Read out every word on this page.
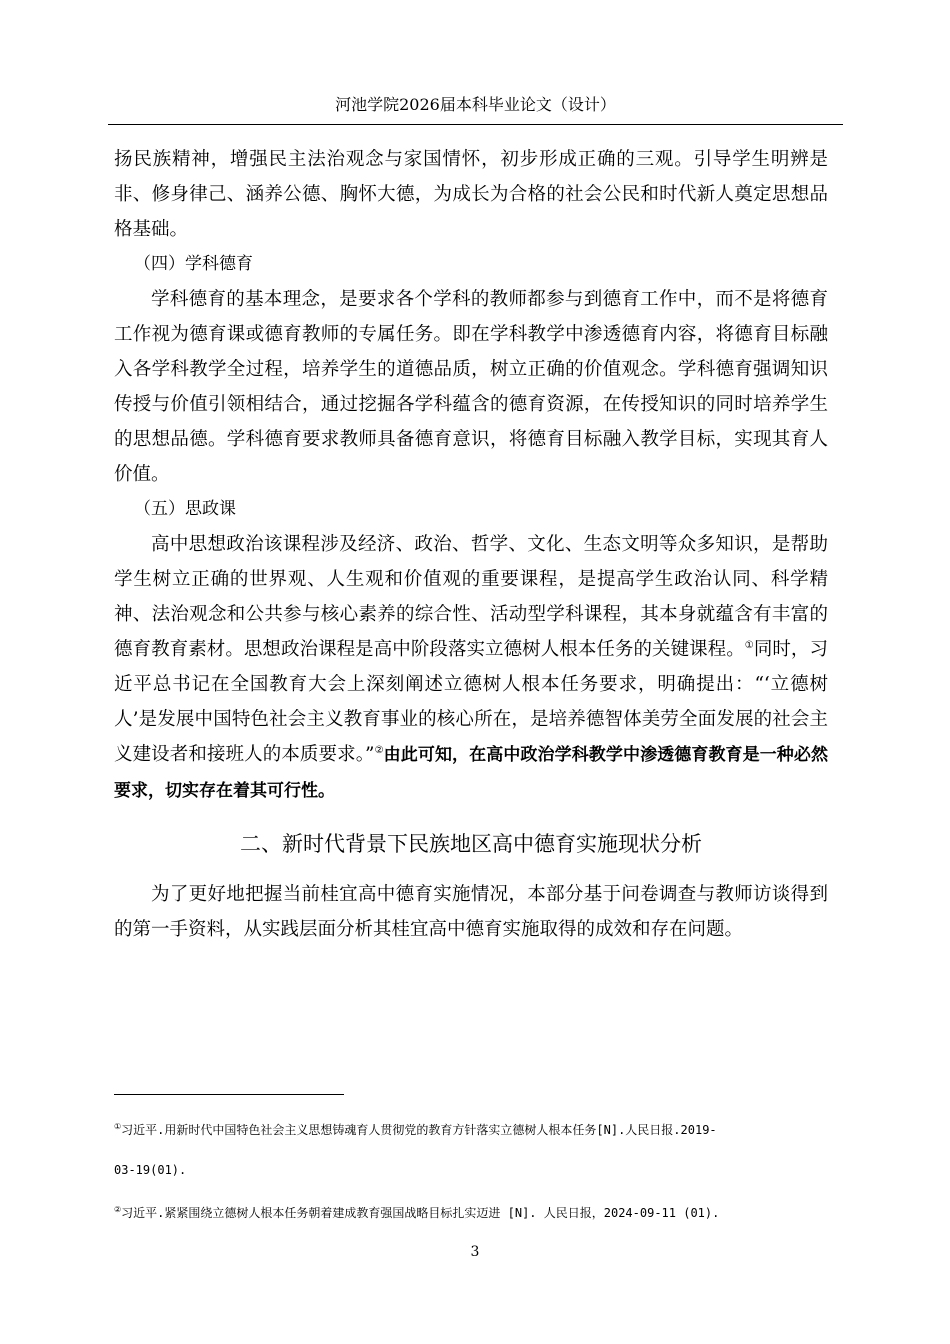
河池学院2026届本科毕业论文（设计）

扬民族精神，增强民主法治观念与家国情怀，初步形成正确的三观。引导学生明辨是非、修身律己、涵养公德、胸怀大德，为成长为合格的社会公民和时代新人奠定思想品格基础。

（四）学科德育

学科德育的基本理念，是要求各个学科的教师都参与到德育工作中，而不是将德育工作视为德育课或德育教师的专属任务。即在学科教学中渗透德育内容，将德育目标融入各学科教学全过程，培养学生的道德品质，树立正确的价值观念。学科德育强调知识传授与价值引领相结合，通过挖掘各学科蕴含的德育资源，在传授知识的同时培养学生的思想品德。学科德育要求教师具备德育意识，将德育目标融入教学目标，实现其育人价值。

（五）思政课

高中思想政治该课程涉及经济、政治、哲学、文化、生态文明等众多知识，是帮助学生树立正确的世界观、人生观和价值观的重要课程，是提高学生政治认同、科学精神、法治观念和公共参与核心素养的综合性、活动型学科课程，其本身就蕴含有丰富的德育教育素材。思想政治课程是高中阶段落实立德树人根本任务的关键课程。①同时，习近平总书记在全国教育大会上深刻阐述立德树人根本任务要求，明确提出：“‘立德树人’是发展中国特色社会主义教育事业的核心所在，是培养德智体美劳全面发展的社会主义建设者和接班人的本质要求。”②由此可知，在高中政治学科教学中渗透德育教育是一种必然要求，切实存在着其可行性。

二、新时代背景下民族地区高中德育实施现状分析

为了更好地把握当前桂宜高中德育实施情况，本部分基于问卷调查与教师访谈得到的第一手资料，从实践层面分析其桂宜高中德育实施取得的成效和存在问题。

①习近平.用新时代中国特色社会主义思想铸魂育人贯彻党的教育方针落实立德树人根本任务[N].人民日报.2019-
03-19(01).

②习近平.紧紧围绕立德树人根本任务朝着建成教育强国战略目标扎实迈进 [N]. 人民日报，2024-09-11 (01).

3
